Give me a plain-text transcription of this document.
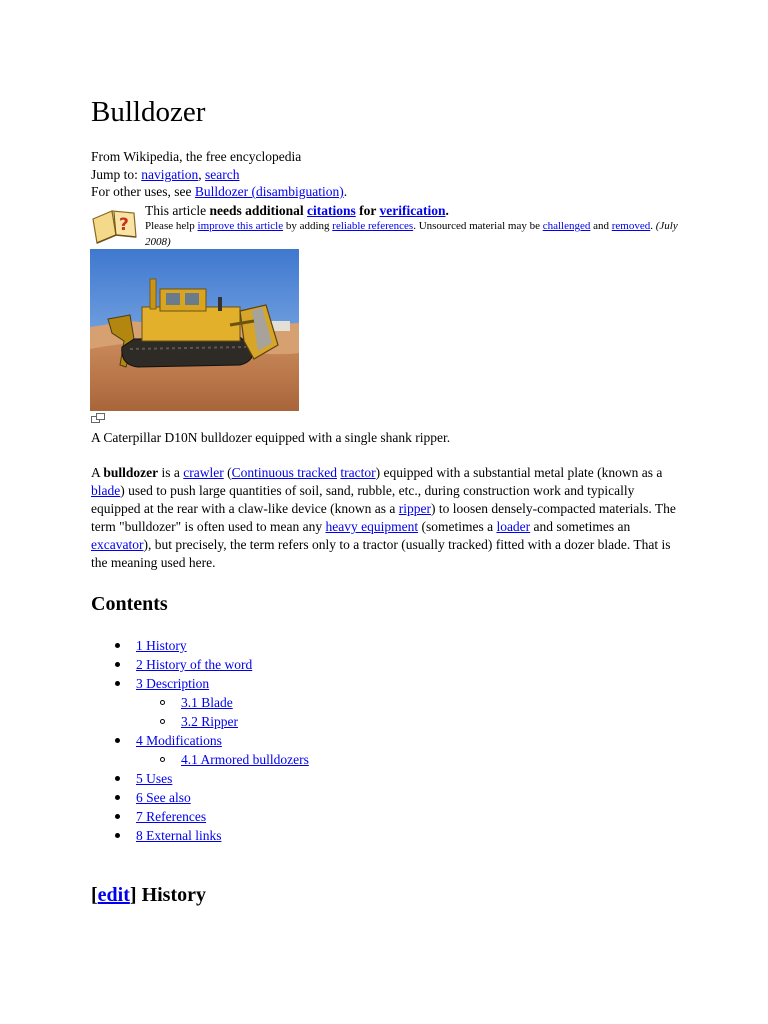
Bulldozer
From Wikipedia, the free encyclopedia
Jump to: navigation, search
For other uses, see Bulldozer (disambiguation).
?
This article needs additional citations for verification.
Please help improve this article by adding reliable references. Unsourced material may be challenged and removed. (July 2008)
A Caterpillar D10N bulldozer equipped with a single shank ripper.
A bulldozer is a crawler (Continuous tracked tractor) equipped with a substantial metal plate (known as a blade) used to push large quantities of soil, sand, rubble, etc., during construction work and typically equipped at the rear with a claw-like device (known as a ripper) to loosen densely-compacted materials. The term "bulldozer" is often used to mean any heavy equipment (sometimes a loader and sometimes an excavator), but precisely, the term refers only to a tractor (usually tracked) fitted with a dozer blade. That is the meaning used here.
Contents
1 History
2 History of the word
3 Description
3.1 Blade
3.2 Ripper
4 Modifications
4.1 Armored bulldozers
5 Uses
6 See also
7 References
8 External links
[edit] History
